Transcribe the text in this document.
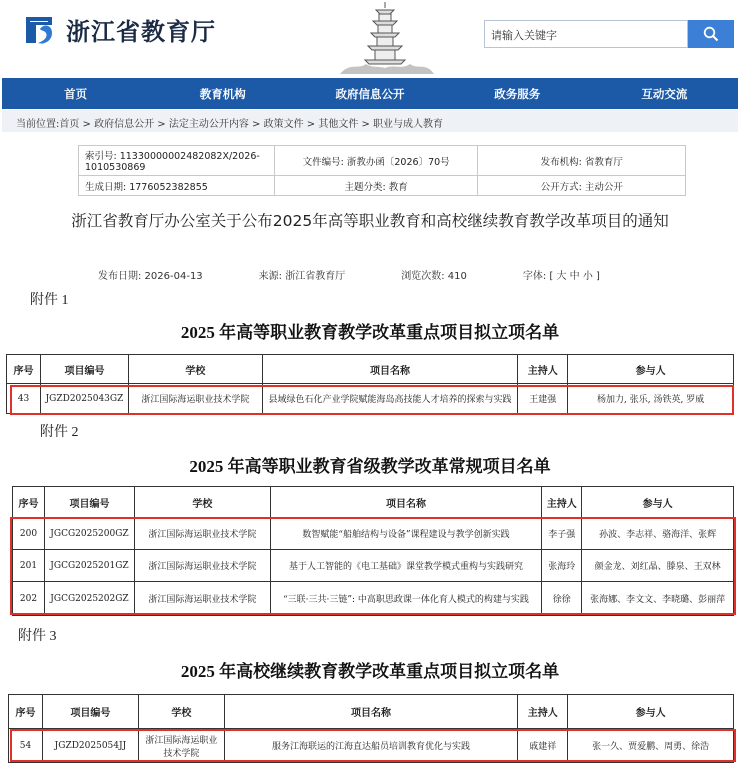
浙江省教育厅	请输入关键字
首页	教育机构	政府信息公开	政务服务	互动交流
当前位置:首页 > 政府信息公开 > 法定主动公开内容 > 政策文件 > 其他文件 > 职业与成人教育
索引号: 11330000002482082X/2026-1010530869	文件编号: 浙教办函〔2026〕70号	发布机构: 省教育厅
生成日期: 1776052382855	主题分类: 教育	公开方式: 主动公开
浙江省教育厅办公室关于公布2025年高等职业教育和高校继续教育教学改革项目的通知
发布日期: 2026-04-13	来源: 浙江省教育厅	浏览次数: 410	字体: [ 大 中 小 ]
附件 1
2025 年高等职业教育教学改革重点项目拟立项名单
序号	项目编号	学校	项目名称	主持人	参与人
43	JGZD2025043GZ	浙江国际海运职业技术学院	县域绿色石化产业学院赋能海岛高技能人才培养的探索与实践	王建强	杨加力, 张乐, 汤铁英, 罗威
附件 2
2025 年高等职业教育省级教学改革常规项目名单
序号	项目编号	学校	项目名称	主持人	参与人
200	JGCG2025200GZ	浙江国际海运职业技术学院	数智赋能“船舶结构与设备”课程建设与教学创新实践	李子强	孙波、李志祥、骆海洋、张辉
201	JGCG2025201GZ	浙江国际海运职业技术学院	基于人工智能的《电工基础》课堂教学模式重构与实践研究	张海玲	颜金龙、刘红晶、滕泉、王双林
202	JGCG2025202GZ	浙江国际海运职业技术学院	“三联·三共·三链”: 中高职思政课一体化育人模式的构建与实践	徐徐	张海娜、李文文、李晓璐、彭丽萍
附件 3
2025 年高校继续教育教学改革重点项目拟立项名单
序号	项目编号	学校	项目名称	主持人	参与人
54	JGZD2025054JJ	浙江国际海运职业技术学院	服务江海联运的江海直达船员培训教育优化与实践	戚建祥	张一久、贾爱鹏、周勇、徐浩
